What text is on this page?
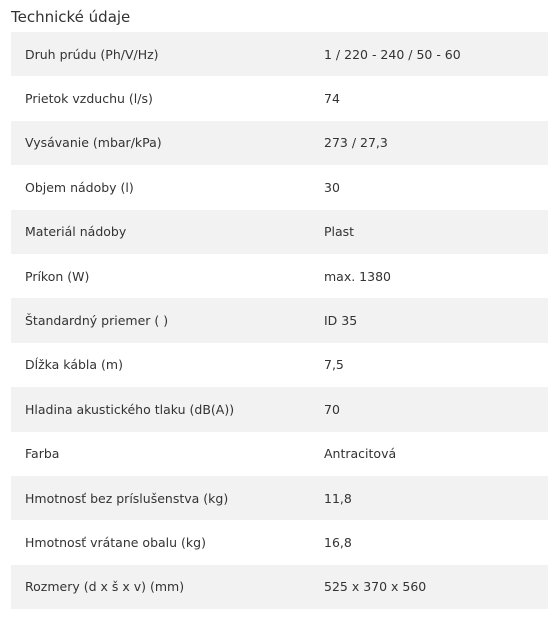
Technické údaje
Druh prúdu (Ph/V/Hz)	1 / 220 - 240 / 50 - 60
Prietok vzduchu (l/s)	74
Vysávanie (mbar/kPa)	273 / 27,3
Objem nádoby (l)	30
Materiál nádoby	Plast
Príkon (W)	max. 1380
Štandardný priemer ( )	ID 35
Dĺžka kábla (m)	7,5
Hladina akustického tlaku (dB(A))	70
Farba	Antracitová
Hmotnosť bez príslušenstva (kg)	11,8
Hmotnosť vrátane obalu (kg)	16,8
Rozmery (d x š x v) (mm)	525 x 370 x 560
